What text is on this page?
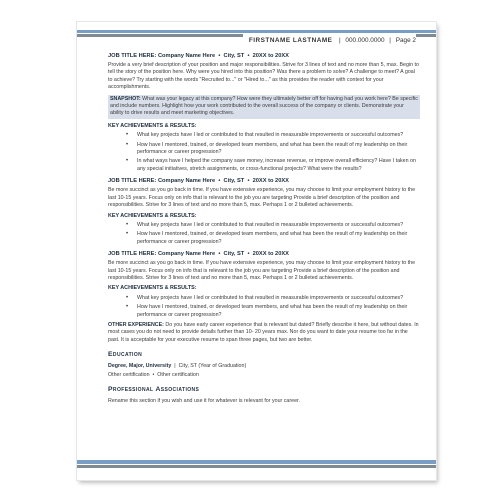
FIRSTNAME LASTNAME  | 000.000.0000 | Page 2
JOB TITLE HERE: Company Name Here  •  City, ST  •  20XX to 20XX

Provide a very brief description of your position and major responsibilities. Strive for 3 lines of text and no more than 5, max. Begin to tell the story of the position here. Why were you hired into this position? Was there a problem to solve? A challenge to meet? A goal to achieve? Try starting with the words "Recruited to..." or "Hired to..." as this provides the reader with context for your accomplishments.

SNAPSHOT: What was your legacy at this company? How were they ultimately better off for having had you work here? Be specific and include numbers. Highlight how your work contributed to the overall success of the company or clients. Demonstrate your ability to drive results and meet marketing objectives.
KEY ACHIEVEMENTS & RESULTS:
• What key projects have I led or contributed to that resulted in measurable improvements or successful outcomes?
• How have I mentored, trained, or developed team members, and what has been the result of my leadership on their performance or career progression?
• In what ways have I helped the company save money, increase revenue, or improve overall efficiency? Have I taken on any special initiatives, stretch assignments, or cross-functional projects? What were the results?
JOB TITLE HERE: Company Name Here  •  City, ST  •  20XX to 20XX

Be more succinct as you go back in time. If you have extensive experience, you may choose to limit your employment history to the last 10-15 years. Focus only on info that is relevant to the job you are targeting Provide a brief description of the position and responsibilities. Strive for 3 lines of text and no more than 5, max. Perhaps 1 or 2 bulleted achievements.

KEY ACHIEVEMENTS & RESULTS:
• What key projects have I led or contributed to that resulted in measurable improvements or successful outcomes?
• How have I mentored, trained, or developed team members, and what has been the result of my leadership on their performance or career progression?
JOB TITLE HERE: Company Name Here  •  City, ST  •  20XX to 20XX

Be more succinct as you go back in time. If you have extensive experience, you may choose to limit your employment history to the last 10-15 years. Focus only on info that is relevant to the job you are targeting Provide a brief description of the position and responsibilities. Strive for 3 lines of text and no more than 5, max. Perhaps 1 or 2 bulleted achievements.

KEY ACHIEVEMENTS & RESULTS:
• What key projects have I led or contributed to that resulted in measurable improvements or successful outcomes?
• How have I mentored, trained, or developed team members, and what has been the result of my leadership on their performance or career progression?

OTHER EXPERIENCE: Do you have early career experience that is relevant but dated? Briefly describe it here, but without dates. In most cases you do not need to provide details further than 10- 20 years max. Nor do you want to date your resume too far in the past. It is acceptable for your executive resume to span three pages, but two are better.

Education
Degree, Major, University  |  City, ST (Year of Graduation)
Other certification  •  Other certification
Professional Associations

Rename this section if you wish and use it for whatever is relevant for your career.
